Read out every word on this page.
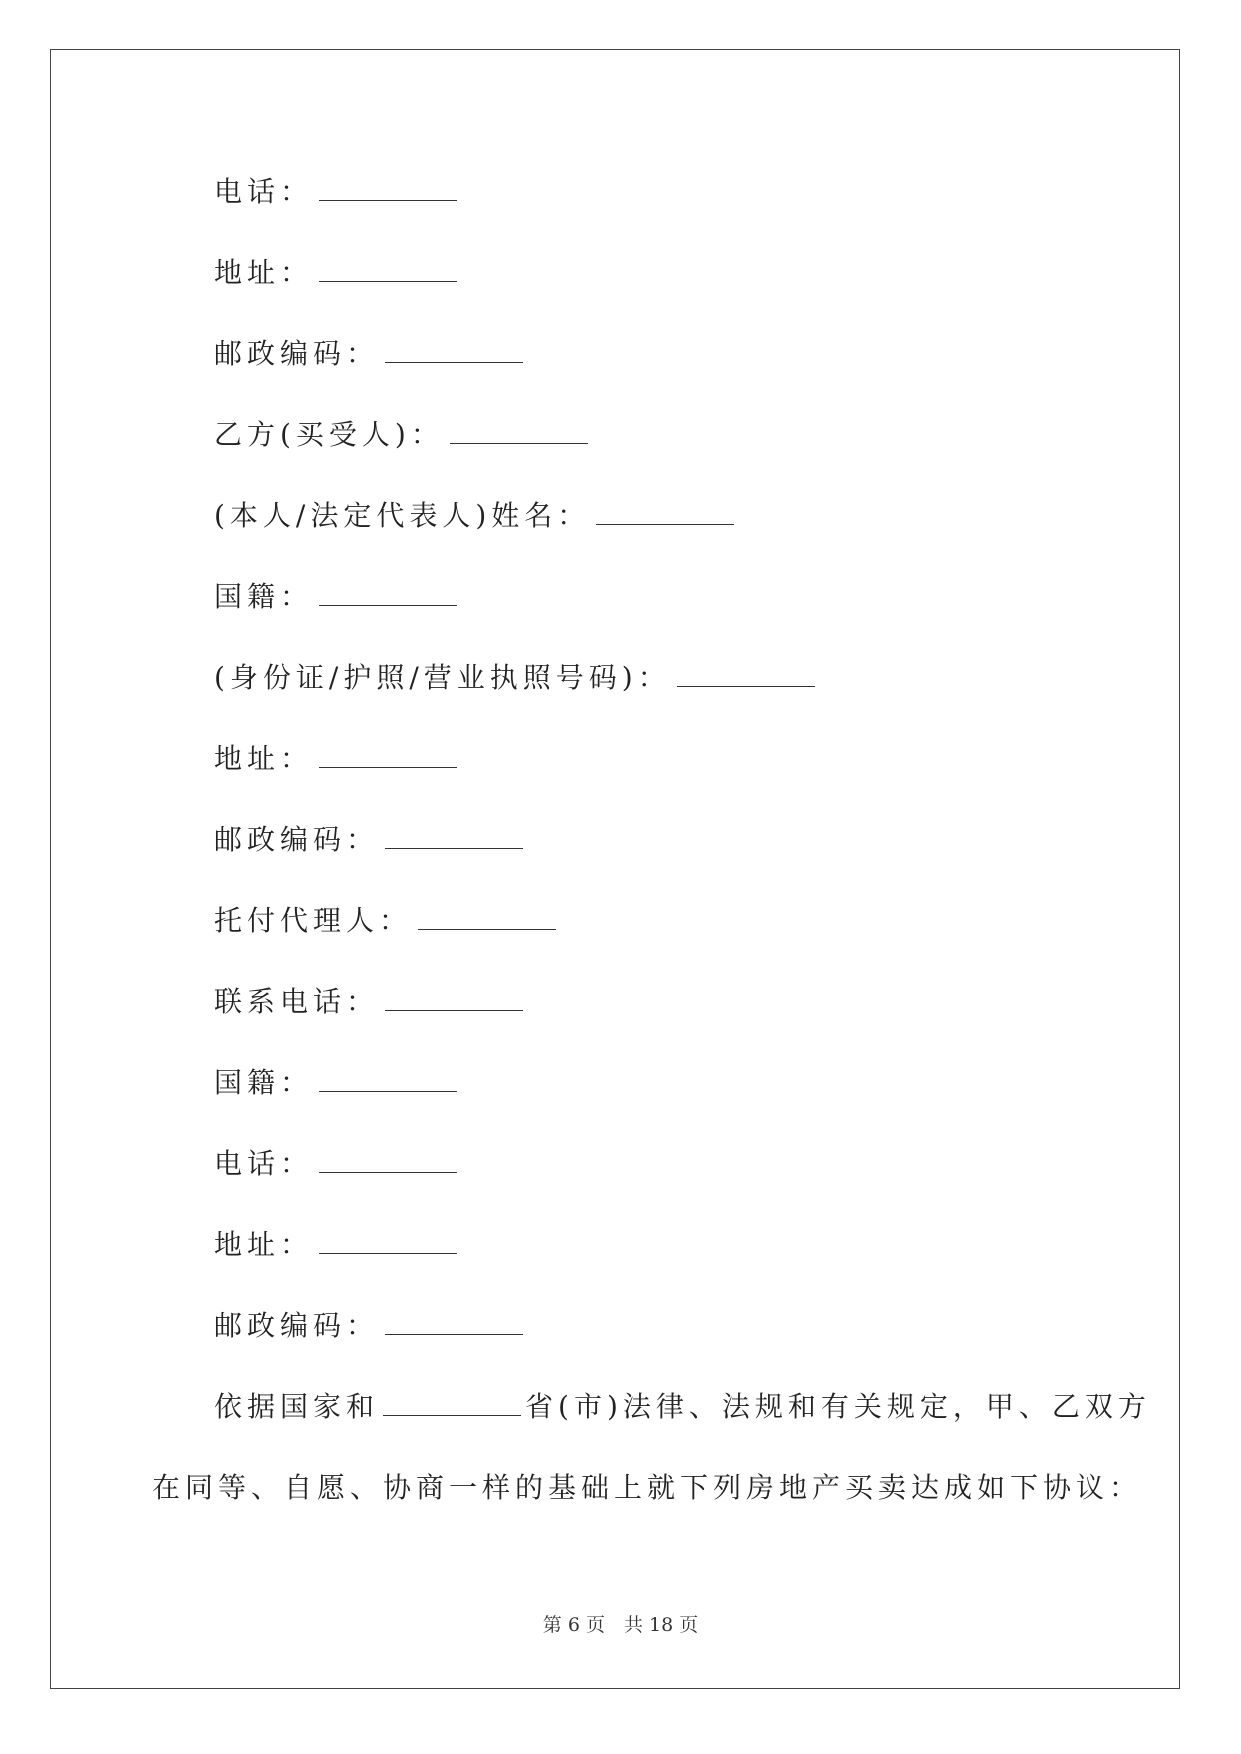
电话：
地址：
邮政编码：
乙方(买受人)：
(本人/法定代表人)姓名：
国籍：
(身份证/护照/营业执照号码)：
地址：
邮政编码：
托付代理人：
联系电话：
国籍：
电话：
地址：
邮政编码：
依据国家和	省(市)法律、法规和有关规定，甲、乙双方
在同等、自愿、协商一样的基础上就下列房地产买卖达成如下协议：
第 6 页　共 18 页
